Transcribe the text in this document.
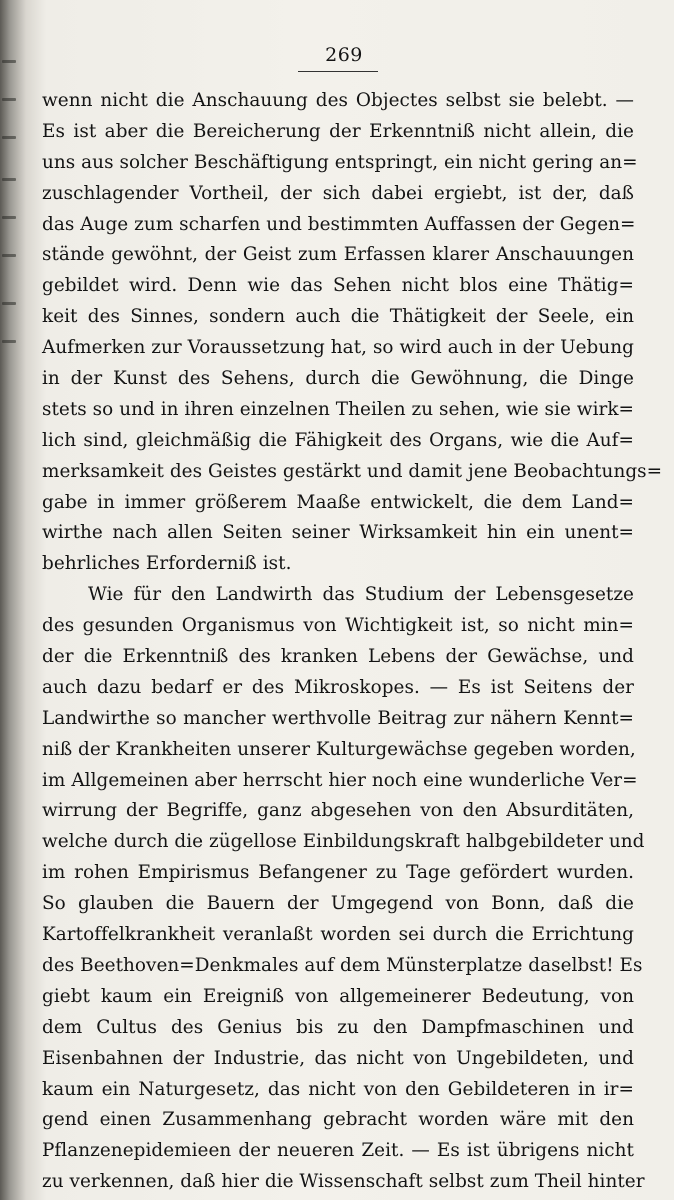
269
wenn nicht die Anschauung des Objectes selbst sie belebt. —
Es ist aber die Bereicherung der Erkenntniß nicht allein, die
uns aus solcher Beschäftigung entspringt, ein nicht gering an=
zuschlagender Vortheil, der sich dabei ergiebt, ist der, daß
das Auge zum scharfen und bestimmten Auffassen der Gegen=
stände gewöhnt, der Geist zum Erfassen klarer Anschauungen
gebildet wird. Denn wie das Sehen nicht blos eine Thätig=
keit des Sinnes, sondern auch die Thätigkeit der Seele, ein
Aufmerken zur Voraussetzung hat, so wird auch in der Uebung
in der Kunst des Sehens, durch die Gewöhnung, die Dinge
stets so und in ihren einzelnen Theilen zu sehen, wie sie wirk=
lich sind, gleichmäßig die Fähigkeit des Organs, wie die Auf=
merksamkeit des Geistes gestärkt und damit jene Beobachtungs=
gabe in immer größerem Maaße entwickelt, die dem Land=
wirthe nach allen Seiten seiner Wirksamkeit hin ein unent=
behrliches Erforderniß ist.
Wie für den Landwirth das Studium der Lebensgesetze
des gesunden Organismus von Wichtigkeit ist, so nicht min=
der die Erkenntniß des kranken Lebens der Gewächse, und
auch dazu bedarf er des Mikroskopes. — Es ist Seitens der
Landwirthe so mancher werthvolle Beitrag zur nähern Kennt=
niß der Krankheiten unserer Kulturgewächse gegeben worden,
im Allgemeinen aber herrscht hier noch eine wunderliche Ver=
wirrung der Begriffe, ganz abgesehen von den Absurditäten,
welche durch die zügellose Einbildungskraft halbgebildeter und
im rohen Empirismus Befangener zu Tage gefördert wurden.
So glauben die Bauern der Umgegend von Bonn, daß die
Kartoffelkrankheit veranlaßt worden sei durch die Errichtung
des Beethoven=Denkmales auf dem Münsterplatze daselbst! Es
giebt kaum ein Ereigniß von allgemeinerer Bedeutung, von
dem Cultus des Genius bis zu den Dampfmaschinen und
Eisenbahnen der Industrie, das nicht von Ungebildeten, und
kaum ein Naturgesetz, das nicht von den Gebildeteren in ir=
gend einen Zusammenhang gebracht worden wäre mit den
Pflanzenepidemieen der neueren Zeit. — Es ist übrigens nicht
zu verkennen, daß hier die Wissenschaft selbst zum Theil hinter
